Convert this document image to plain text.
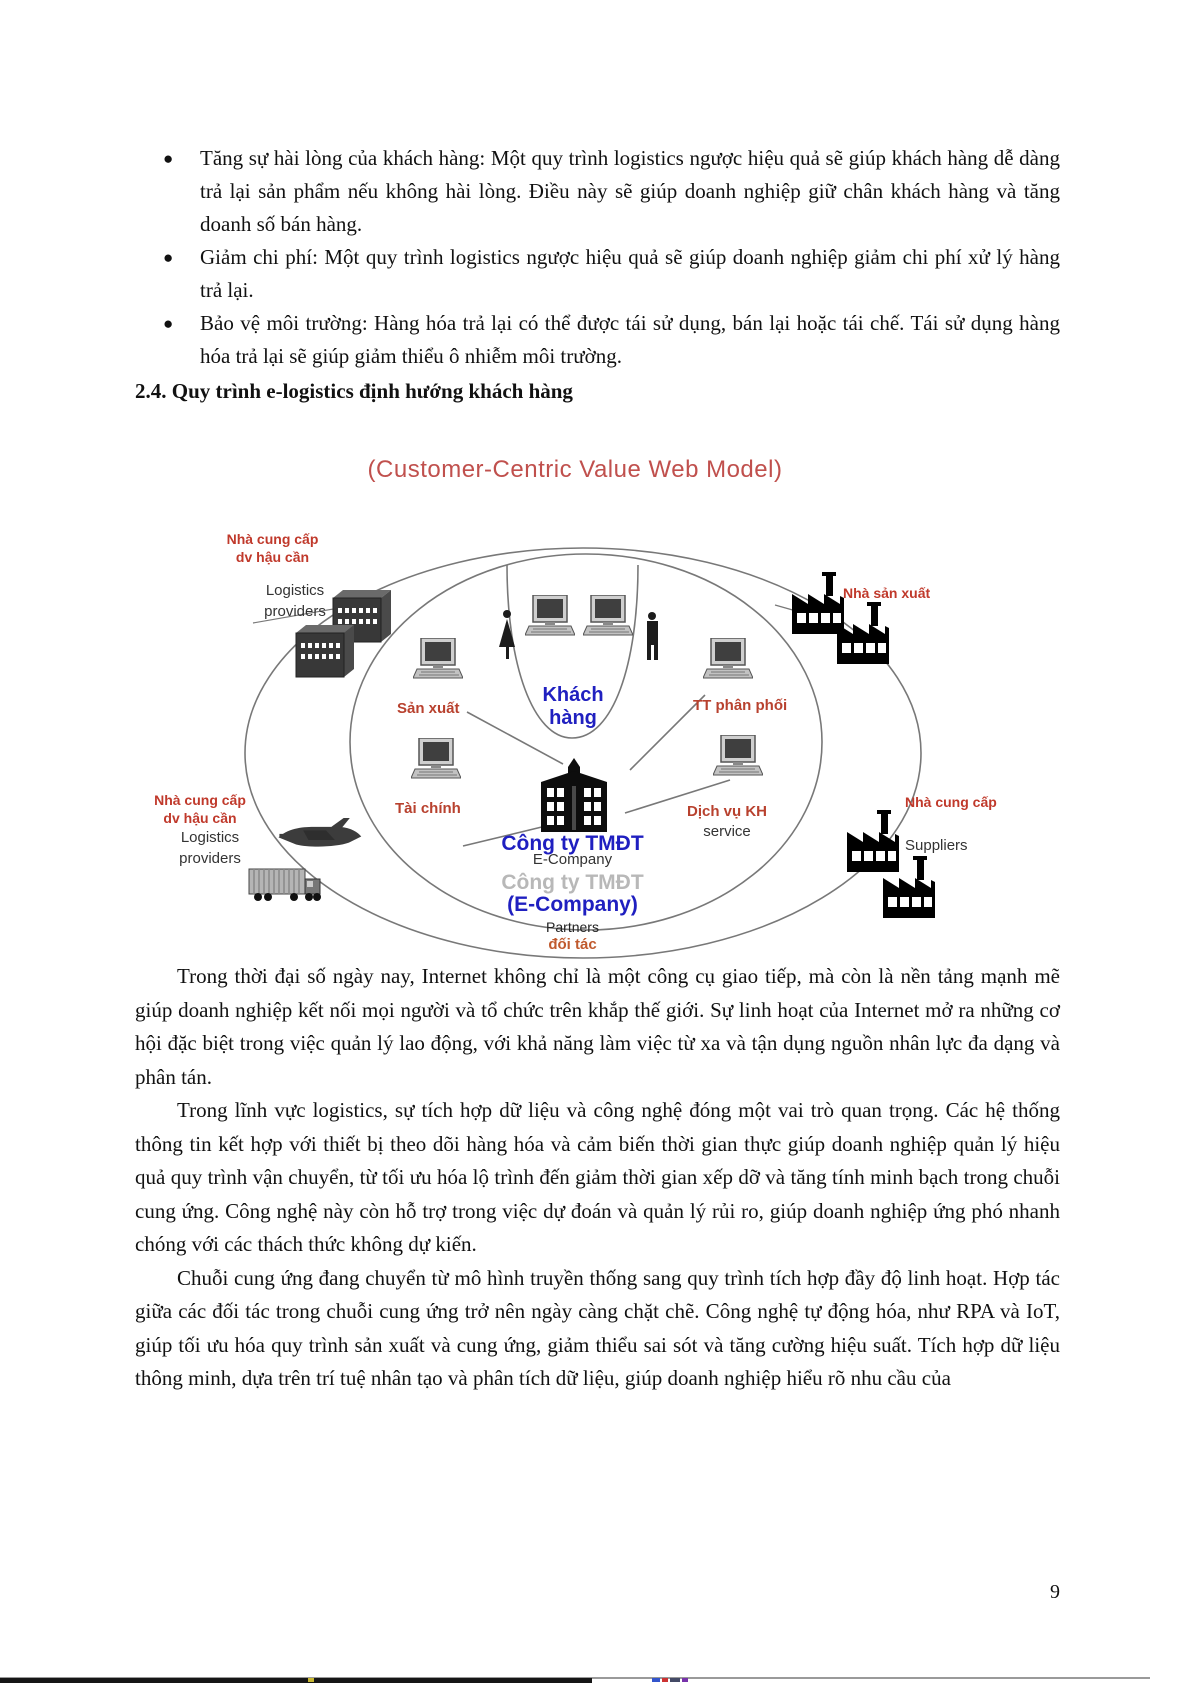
● Tăng sự hài lòng của khách hàng: Một quy trình logistics ngược hiệu quả sẽ giúp khách hàng dễ dàng trả lại sản phẩm nếu không hài lòng. Điều này sẽ giúp doanh nghiệp giữ chân khách hàng và tăng doanh số bán hàng.
● Giảm chi phí: Một quy trình logistics ngược hiệu quả sẽ giúp doanh nghiệp giảm chi phí xử lý hàng trả lại.
● Bảo vệ môi trường: Hàng hóa trả lại có thể được tái sử dụng, bán lại hoặc tái chế. Tái sử dụng hàng hóa trả lại sẽ giúp giảm thiểu ô nhiễm môi trường.
2.4. Quy trình e-logistics định hướng khách hàng
(Customer-Centric Value Web Model)
Nhà cung cấp
dv hậu cần
Logistics
providers
Nhà sản xuất
Khách
hàng
Sản xuất
Tài chính
TT phân phối
Dịch vụ KH
service
Công ty TMĐT
E-Company
Công ty TMĐT
(E-Company)
Partners
đối tác
Nhà cung cấp
dv hậu cần
Logistics
providers
Nhà cung cấp
Suppliers

Trong thời đại số ngày nay, Internet không chỉ là một công cụ giao tiếp, mà còn là nền tảng mạnh mẽ giúp doanh nghiệp kết nối mọi người và tổ chức trên khắp thế giới. Sự linh hoạt của Internet mở ra những cơ hội đặc biệt trong việc quản lý lao động, với khả năng làm việc từ xa và tận dụng nguồn nhân lực đa dạng và phân tán.

Trong lĩnh vực logistics, sự tích hợp dữ liệu và công nghệ đóng một vai trò quan trọng. Các hệ thống thông tin kết hợp với thiết bị theo dõi hàng hóa và cảm biến thời gian thực giúp doanh nghiệp quản lý hiệu quả quy trình vận chuyển, từ tối ưu hóa lộ trình đến giảm thời gian xếp dỡ và tăng tính minh bạch trong chuỗi cung ứng. Công nghệ này còn hỗ trợ trong việc dự đoán và quản lý rủi ro, giúp doanh nghiệp ứng phó nhanh chóng với các thách thức không dự kiến.

Chuỗi cung ứng đang chuyển từ mô hình truyền thống sang quy trình tích hợp đầy độ linh hoạt. Hợp tác giữa các đối tác trong chuỗi cung ứng trở nên ngày càng chặt chẽ. Công nghệ tự động hóa, như RPA và IoT, giúp tối ưu hóa quy trình sản xuất và cung ứng, giảm thiểu sai sót và tăng cường hiệu suất. Tích hợp dữ liệu thông minh, dựa trên trí tuệ nhân tạo và phân tích dữ liệu, giúp doanh nghiệp hiểu rõ nhu cầu của

9
